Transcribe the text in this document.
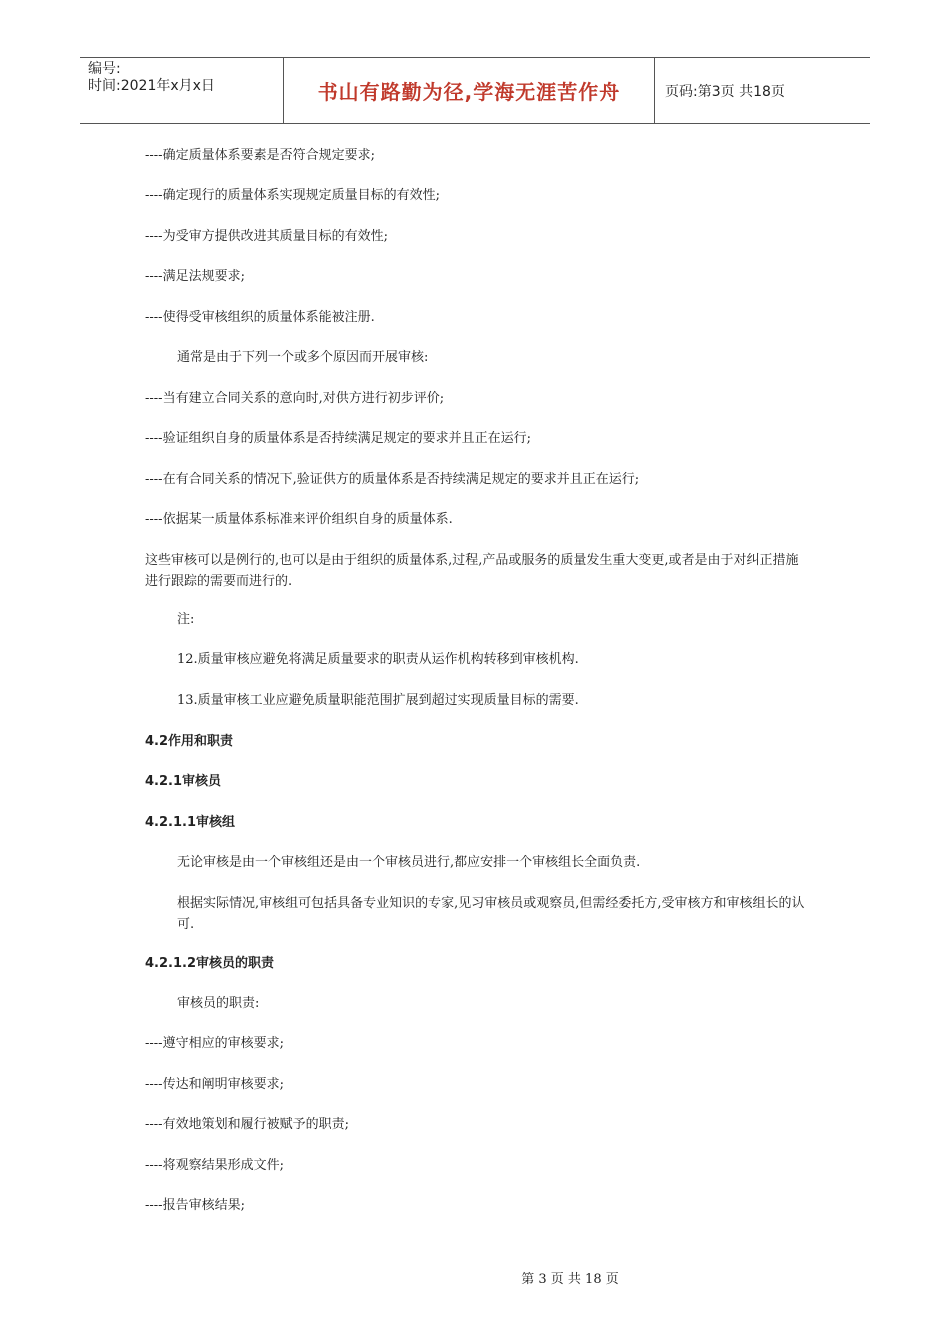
编号:
时间:2021年x月x日	书山有路勤为径,学海无涯苦作舟	页码:第3页 共18页
----确定质量体系要素是否符合规定要求;
----确定现行的质量体系实现规定质量目标的有效性;
----为受审方提供改进其质量目标的有效性;
----满足法规要求;
----使得受审核组织的质量体系能被注册.
通常是由于下列一个或多个原因而开展审核:
----当有建立合同关系的意向时,对供方进行初步评价;
----验证组织自身的质量体系是否持续满足规定的要求并且正在运行;
----在有合同关系的情况下,验证供方的质量体系是否持续满足规定的要求并且正在运行;
----依据某一质量体系标准来评价组织自身的质量体系.
这些审核可以是例行的,也可以是由于组织的质量体系,过程,产品或服务的质量发生重大变更,或者是由于对纠正措施进行跟踪的需要而进行的.
注:
12.质量审核应避免将满足质量要求的职责从运作机构转移到审核机构.
13.质量审核工业应避免质量职能范围扩展到超过实现质量目标的需要.
4.2作用和职责
4.2.1审核员
4.2.1.1审核组
无论审核是由一个审核组还是由一个审核员进行,都应安排一个审核组长全面负责.
根据实际情况,审核组可包括具备专业知识的专家,见习审核员或观察员,但需经委托方,受审核方和审核组长的认可.
4.2.1.2审核员的职责
审核员的职责:
----遵守相应的审核要求;
----传达和阐明审核要求;
----有效地策划和履行被赋予的职责;
----将观察结果形成文件;
----报告审核结果;
第 3 页 共 18 页
